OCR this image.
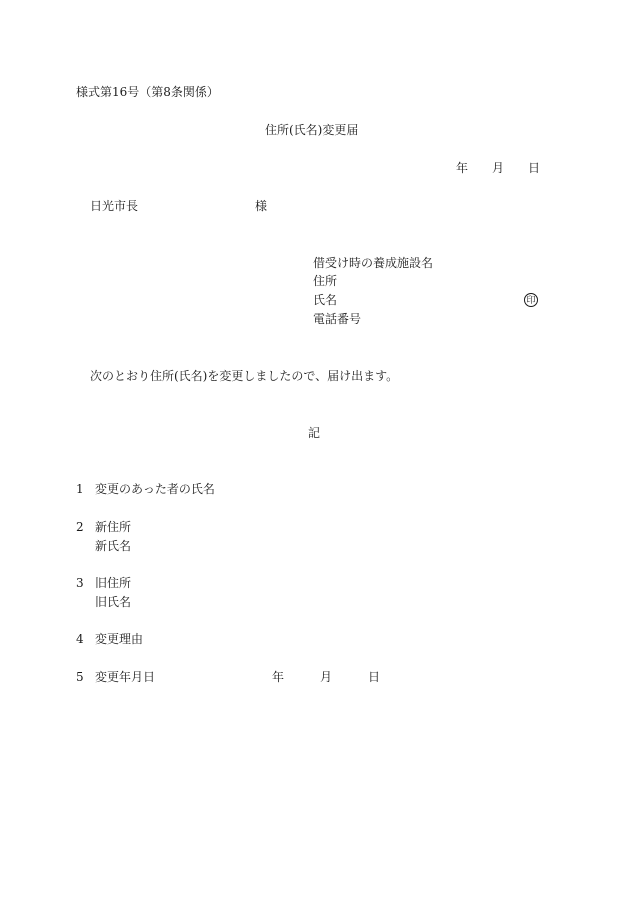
様式第16号（第8条関係）
住所(氏名)変更届
年 月 日
日光市長	様
借受け時の養成施設名
住所
氏名	印
電話番号
次のとおり住所(氏名)を変更しましたので、届け出ます。
記
1 変更のあった者の氏名
2 新住所
新氏名
3 旧住所
旧氏名
4 変更理由
5 変更年月日	年	月	日
